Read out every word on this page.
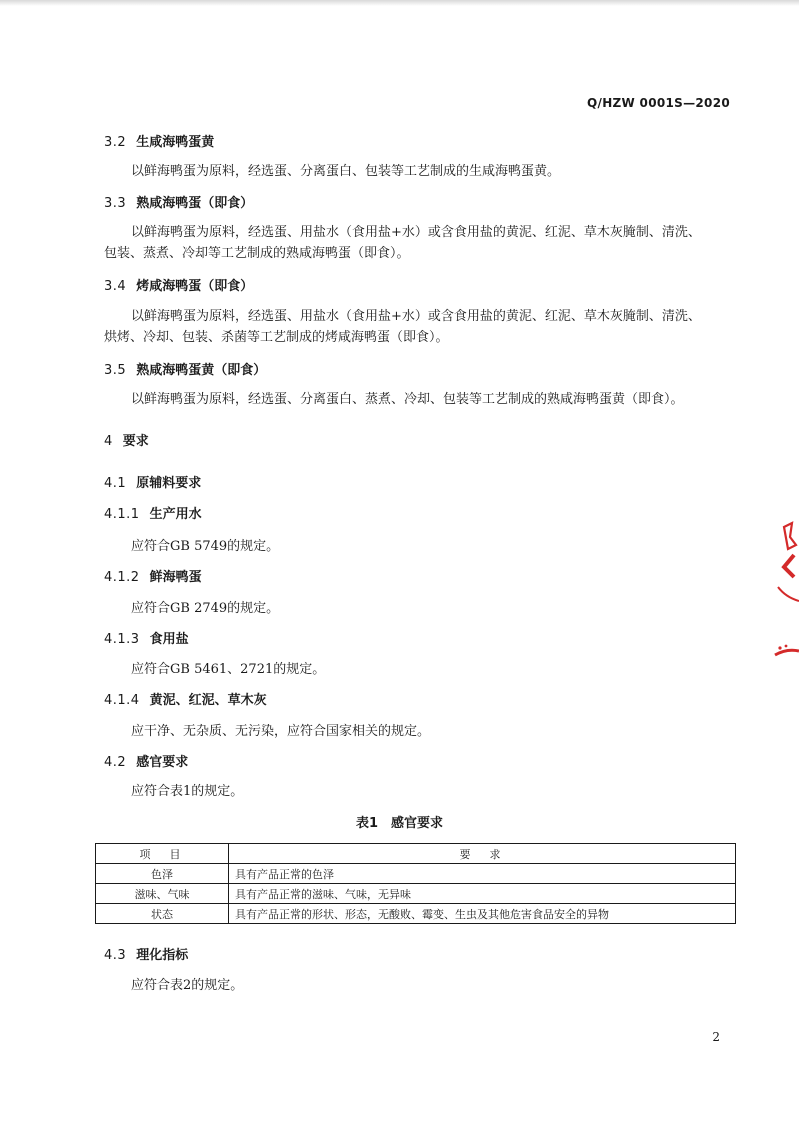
Q/HZW 0001S—2020
3.2 生咸海鸭蛋黄
以鲜海鸭蛋为原料，经选蛋、分离蛋白、包装等工艺制成的生咸海鸭蛋黄。
3.3 熟咸海鸭蛋（即食）
以鲜海鸭蛋为原料，经选蛋、用盐水（食用盐+水）或含食用盐的黄泥、红泥、草木灰腌制、清洗、
包装、蒸煮、冷却等工艺制成的熟咸海鸭蛋（即食）。
3.4 烤咸海鸭蛋（即食）
以鲜海鸭蛋为原料，经选蛋、用盐水（食用盐+水）或含食用盐的黄泥、红泥、草木灰腌制、清洗、
烘烤、冷却、包装、杀菌等工艺制成的烤咸海鸭蛋（即食）。
3.5 熟咸海鸭蛋黄（即食）
以鲜海鸭蛋为原料，经选蛋、分离蛋白、蒸煮、冷却、包装等工艺制成的熟咸海鸭蛋黄（即食）。
4 要求
4.1 原辅料要求
4.1.1 生产用水
应符合GB 5749的规定。
4.1.2 鲜海鸭蛋
应符合GB 2749的规定。
4.1.3 食用盐
应符合GB 5461、2721的规定。
4.1.4 黄泥、红泥、草木灰
应干净、无杂质、无污染，应符合国家相关的规定。
4.2 感官要求
应符合表1的规定。
表1　感官要求
项　目	要　求
色泽	具有产品正常的色泽
滋味、气味	具有产品正常的滋味、气味，无异味
状态	具有产品正常的形状、形态，无酸败、霉变、生虫及其他危害食品安全的异物
4.3 理化指标
应符合表2的规定。
2
